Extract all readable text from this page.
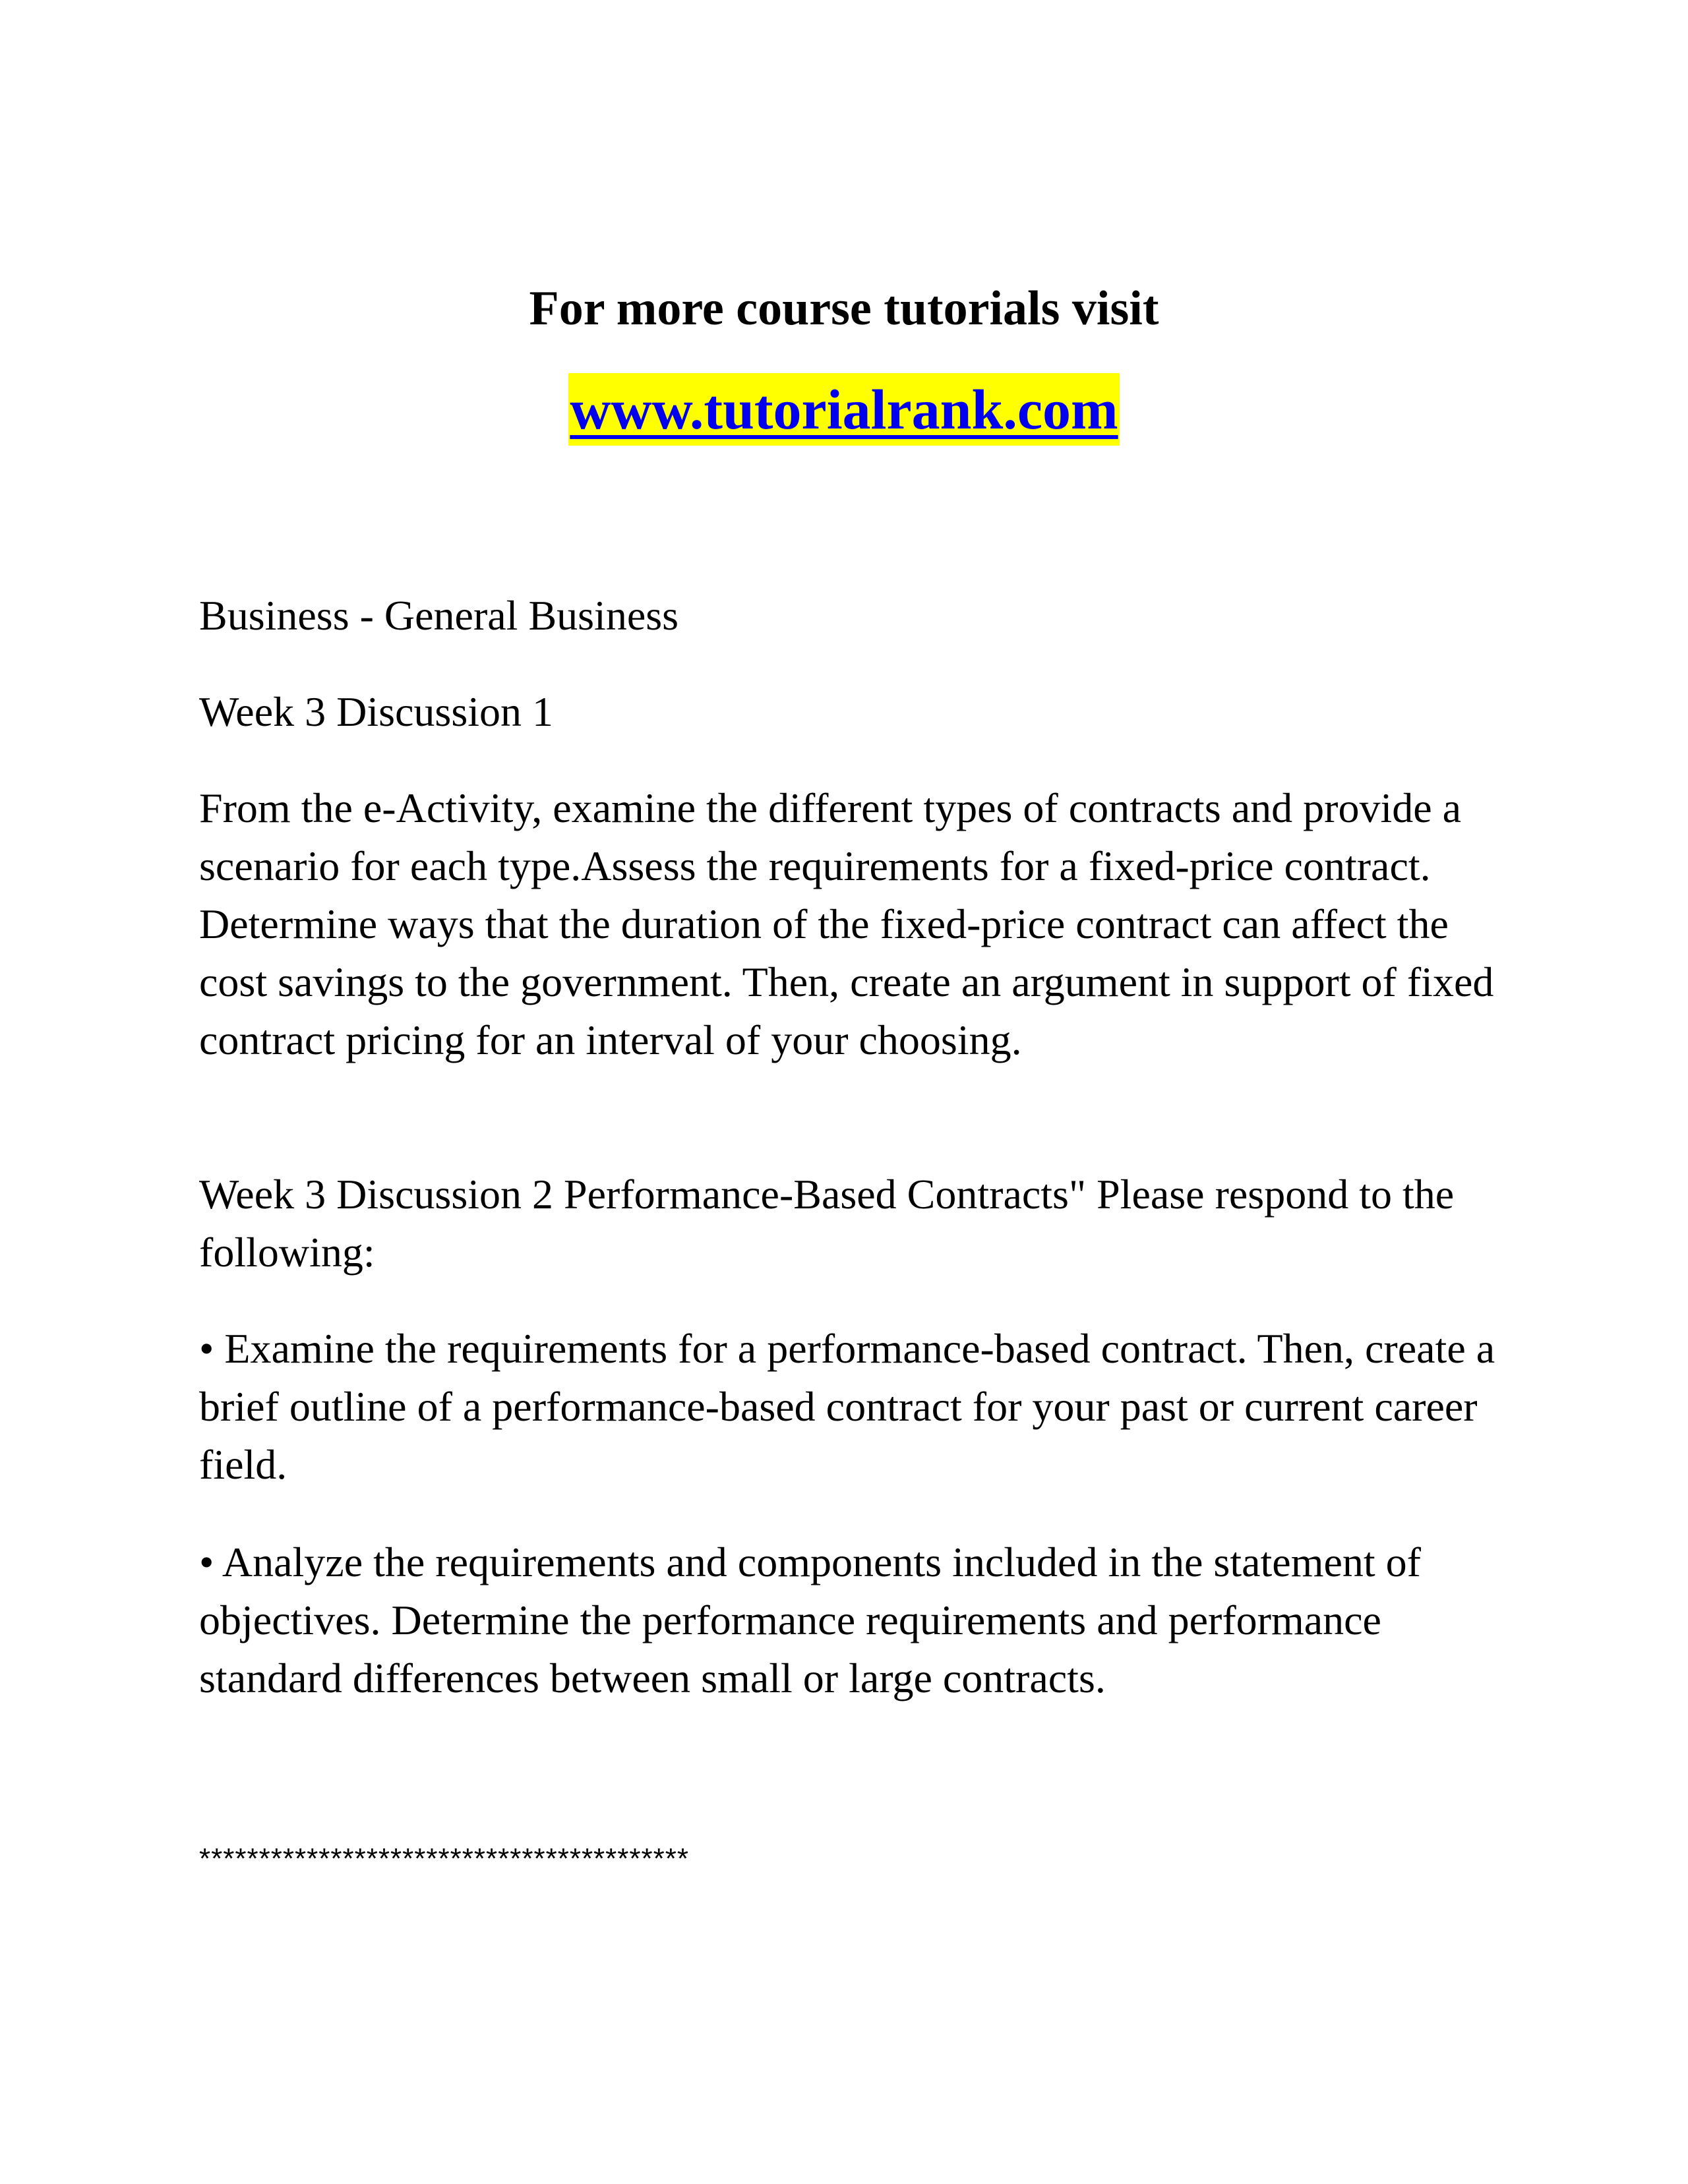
For more course tutorials visit
www.tutorialrank.com

Business - General Business

Week 3 Discussion 1

From the e-Activity, examine the different types of contracts and provide a scenario for each type.Assess the requirements for a fixed-price contract. Determine ways that the duration of the fixed-price contract can affect the cost savings to the government. Then, create an argument in support of fixed contract pricing for an interval of your choosing.

Week 3 Discussion 2 Performance-Based Contracts" Please respond to the following:

• Examine the requirements for a performance-based contract. Then, create a brief outline of a performance-based contract for your past or current career field.

• Analyze the requirements and components included in the statement of objectives. Determine the performance requirements and performance standard differences between small or large contracts.

*****************************************
